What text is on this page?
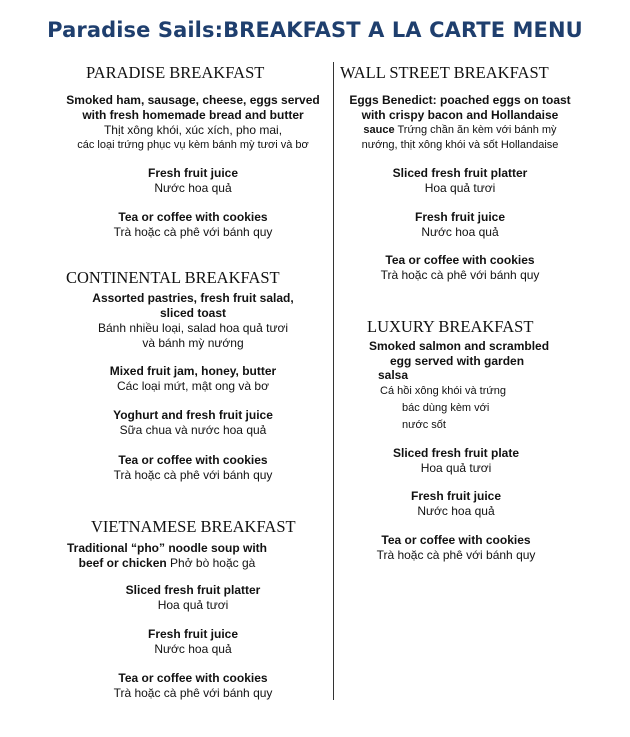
Paradise Sails:BREAKFAST A LA CARTE MENU
PARADISE BREAKFAST
Smoked ham, sausage, cheese, eggs served
with fresh homemade bread and butter
Thịt xông khói, xúc xích, pho mai,
các loại trứng phục vụ kèm bánh mỳ tươi và bơ
Fresh fruit juice
Nước hoa quả
Tea or coffee with cookies
Trà hoặc cà phê với bánh quy
CONTINENTAL BREAKFAST
Assorted pastries, fresh fruit salad,
sliced toast
Bánh nhiều loại, salad hoa quả tươi
và bánh mỳ nướng
Mixed fruit jam, honey, butter
Các loại mứt, mật ong và bơ
Yoghurt and fresh fruit juice
Sữa chua và nước hoa quả
Tea or coffee with cookies
Trà hoặc cà phê với bánh quy
VIETNAMESE BREAKFAST
Traditional “pho” noodle soup with
beef or chicken Phở bò hoặc gà
Sliced fresh fruit platter
Hoa quả tươi
Fresh fruit juice
Nước hoa quả
Tea or coffee with cookies
Trà hoặc cà phê với bánh quy
WALL STREET BREAKFAST
Eggs Benedict: poached eggs on toast
with crispy bacon and Hollandaise
sauce Trứng chần ăn kèm với bánh mỳ
nướng, thịt xông khói và sốt Hollandaise
Sliced fresh fruit platter
Hoa quả tươi
Fresh fruit juice
Nước hoa quả
Tea or coffee with cookies
Trà hoặc cà phê với bánh quy
LUXURY BREAKFAST
Smoked salmon and scrambled
egg served with garden
salsa
Cá hồi xông khói và trứng
bác dùng kèm với
nước sốt
Sliced fresh fruit plate
Hoa quả tươi
Fresh fruit juice
Nước hoa quả
Tea or coffee with cookies
Trà hoặc cà phê với bánh quy
